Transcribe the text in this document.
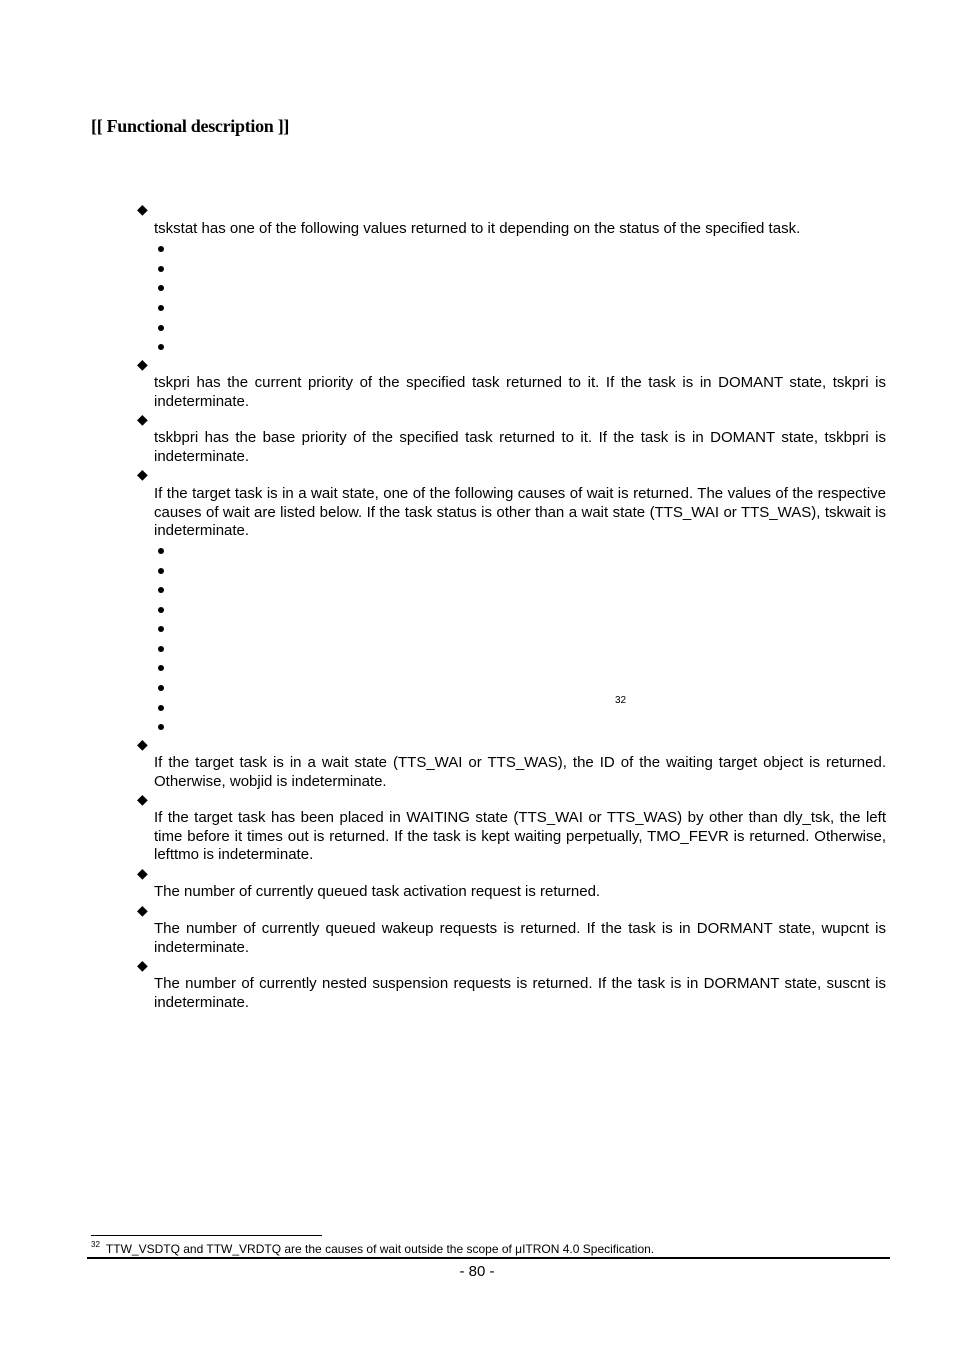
[[ Functional description ]]
◆
tskstat has one of the following values returned to it depending on the status of the specified task.
◆
tskpri has the current priority of the specified task returned to it. If the task is in DOMANT state, tskpri is indeterminate.
◆
tskbpri has the base priority of the specified task returned to it. If the task is in DOMANT state, tskbpri is indeterminate.
◆
If the target task is in a wait state, one of the following causes of wait is returned. The values of the respective causes of wait are listed below. If the task status is other than a wait state (TTS_WAI or TTS_WAS), tskwait is indeterminate.
32
◆
If the target task is in a wait state (TTS_WAI or TTS_WAS), the ID of the waiting target object is returned. Otherwise, wobjid is indeterminate.
◆
If the target task has been placed in WAITING state (TTS_WAI or TTS_WAS) by other than dly_tsk, the left time before it times out is returned. If the task is kept waiting perpetually, TMO_FEVR is returned. Otherwise, lefttmo is indeterminate.
◆
The number of currently queued task activation request is returned.
◆
The number of currently queued wakeup requests is returned. If the task is in DORMANT state, wupcnt is indeterminate.
◆
The number of currently nested suspension requests is returned. If the task is in DORMANT state, suscnt is indeterminate.
$^{32}$ TTW_VSDTQ and TTW_VRDTQ are the causes of wait outside the scope of μITRON 4.0 Specification.
- 80 -
